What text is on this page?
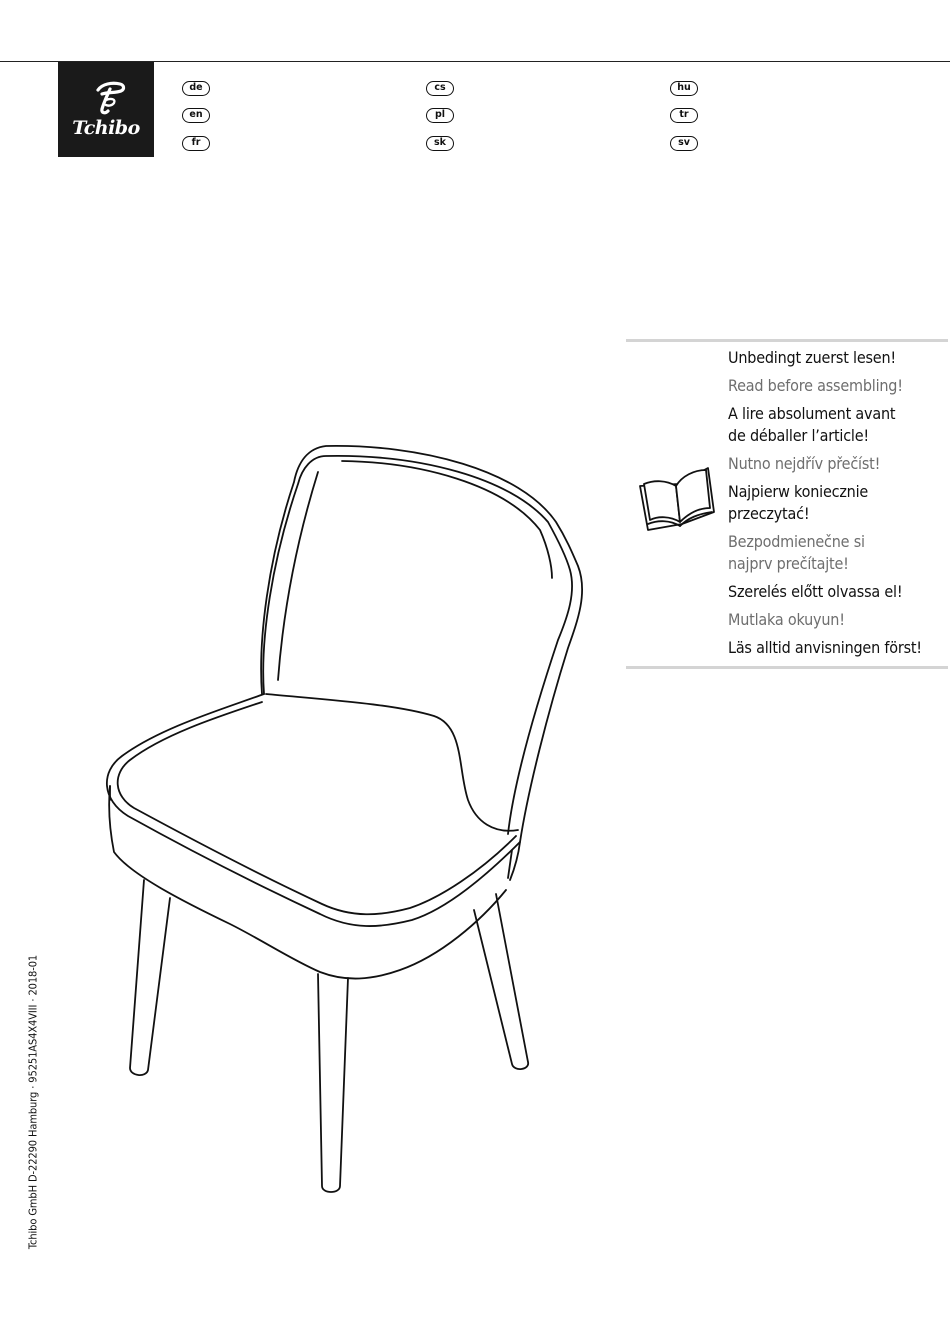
Tchibo
de
en
fr
cs
pl
sk
hu
tr
sv
Unbedingt zuerst lesen!
Read before assembling!
A lire absolument avant
de déballer l’article!
Nutno nejdřív přečíst!
Najpierw koniecznie
przeczytać!
Bezpodmienečne si
najprv prečítajte!
Szerelés előtt olvassa el!
Mutlaka okuyun!
Läs alltid anvisningen först!
Tchibo GmbH D-22290 Hamburg · 95251AS4X4VIII · 2018-01
